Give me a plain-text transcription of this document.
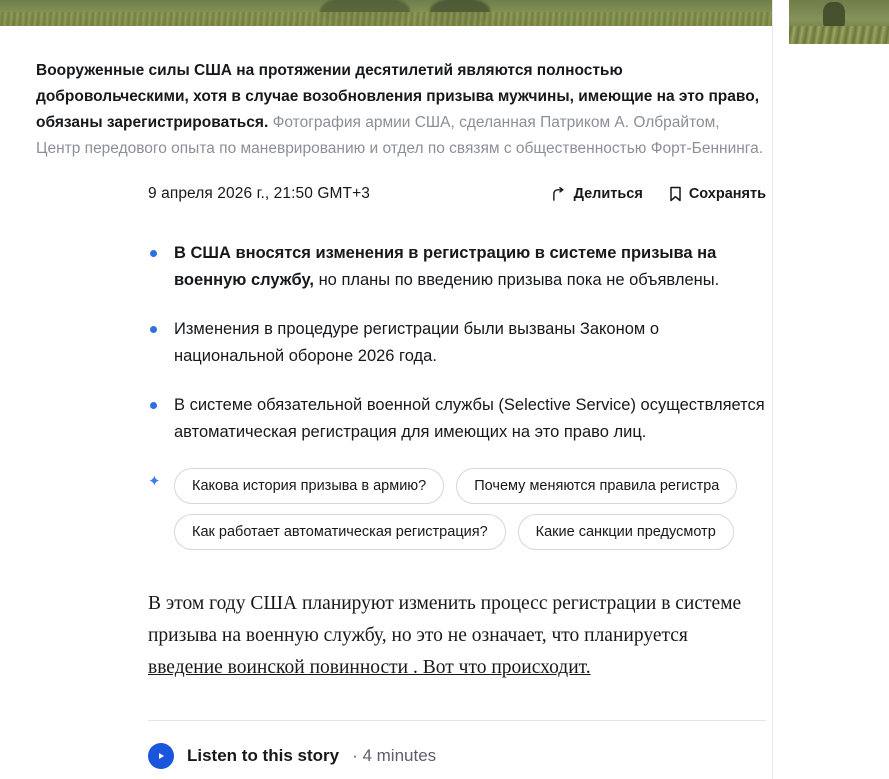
Вооруженные силы США на протяжении десятилетий являются полностью добровольческими, хотя в случае возобновления призыва мужчины, имеющие на это право, обязаны зарегистрироваться. Фотография армии США, сделанная Патриком А. Олбрайтом, Центр передового опыта по маневрированию и отдел по связям с общественностью Форт-Беннинга.

9 апреля 2026 г., 21:50 GMT+3	Делиться	Сохранять
В США вносятся изменения в регистрацию в системе призыва на военную службу, но планы по введению призыва пока не объявлены.
Изменения в процедуре регистрации были вызваны Законом о национальной обороне 2026 года.
В системе обязательной военной службы (Selective Service) осуществляется автоматическая регистрация для имеющих на это право лиц.
✦	Какова история призыва в армию?	Почему меняются правила регистра
Как работает автоматическая регистрация?	Какие санкции предусмотр

В этом году США планируют изменить процесс регистрации в системе призыва на военную службу, но это не означает, что планируется введение воинской повинности . Вот что происходит.

Listen to this story · 4 minutes
